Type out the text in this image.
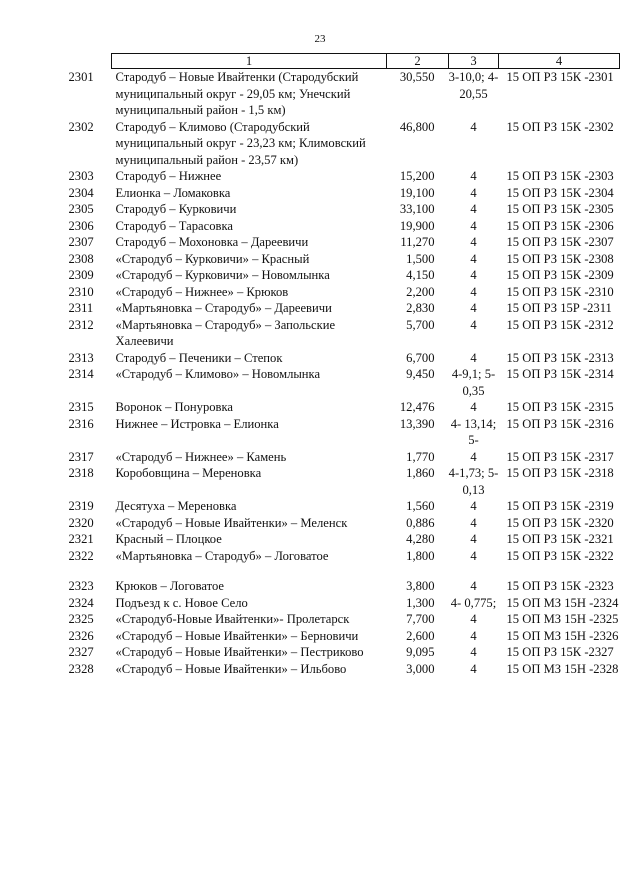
23
1	2	3	4

2301 Стародуб – Новые Ивайтенки (Стародубский муниципальный округ - 29,05 км; Унечский муниципальный район - 1,5 км)	30,550	3-10,0; 4-20,55	15 ОП РЗ 15К -2301

2302 Стародуб – Климово (Стародубский муниципальный округ - 23,23 км; Климовский муниципальный район - 23,57 км)	46,800	4	15 ОП РЗ 15К -2302

2303 Стародуб – Нижнее	15,200	4	15 ОП РЗ 15К -2303

2304 Елионка – Ломаковка	19,100	4	15 ОП РЗ 15К -2304

2305 Стародуб – Курковичи	33,100	4	15 ОП РЗ 15К -2305

2306 Стародуб – Тарасовка	19,900	4	15 ОП РЗ 15К -2306

2307 Стародуб – Мохоновка – Дареевичи	11,270	4	15 ОП РЗ 15К -2307

2308 «Стародуб – Курковичи» – Красный	1,500	4	15 ОП РЗ 15К -2308

2309 «Стародуб – Курковичи» – Новомлынка	4,150	4	15 ОП РЗ 15К -2309

2310 «Стародуб – Нижнее» – Крюков	2,200	4	15 ОП РЗ 15К -2310

2311 «Мартьяновка – Стародуб» – Дареевичи	2,830	4	15 ОП РЗ 15Р -2311

2312 «Мартьяновка – Стародуб» – Запольские Халеевичи	5,700	4	15 ОП РЗ 15К -2312

2313 Стародуб – Печеники – Степок	6,700	4	15 ОП РЗ 15К -2313

2314 «Стародуб – Климово» – Новомлынка	9,450	4-9,1; 5-0,35	15 ОП РЗ 15К -2314

2315 Воронок – Понуровка	12,476	4	15 ОП РЗ 15К -2315

2316 Нижнее – Истровка – Елионка	13,390	4- 13,14; 5-	15 ОП РЗ 15К -2316

2317 «Стародуб – Нижнее» – Камень	1,770	4	15 ОП РЗ 15К -2317

2318 Коробовщина – Мереновка	1,860	4-1,73; 5-0,13	15 ОП РЗ 15К -2318

2319 Десятуха – Мереновка	1,560	4	15 ОП РЗ 15К -2319

2320 «Стародуб – Новые Ивайтенки» – Меленск	0,886	4	15 ОП РЗ 15К -2320

2321 Красный – Плоцкое	4,280	4	15 ОП РЗ 15К -2321

2322 «Мартьяновка – Стародуб» – Логоватое	1,800	4	15 ОП РЗ 15К -2322

2323 Крюков – Логоватое	3,800	4	15 ОП РЗ 15К -2323

2324 Подъезд к с. Новое Село	1,300	4- 0,775;	15 ОП МЗ 15Н -2324

2325 «Стародуб-Новые Ивайтенки»- Пролетарск	7,700	4	15 ОП МЗ 15Н -2325

2326 «Стародуб – Новые Ивайтенки» – Берновичи	2,600	4	15 ОП МЗ 15Н -2326

2327 «Стародуб – Новые Ивайтенки» – Пестриково	9,095	4	15 ОП РЗ 15К -2327

2328 «Стародуб – Новые Ивайтенки» – Ильбово	3,000	4	15 ОП МЗ 15Н -2328
